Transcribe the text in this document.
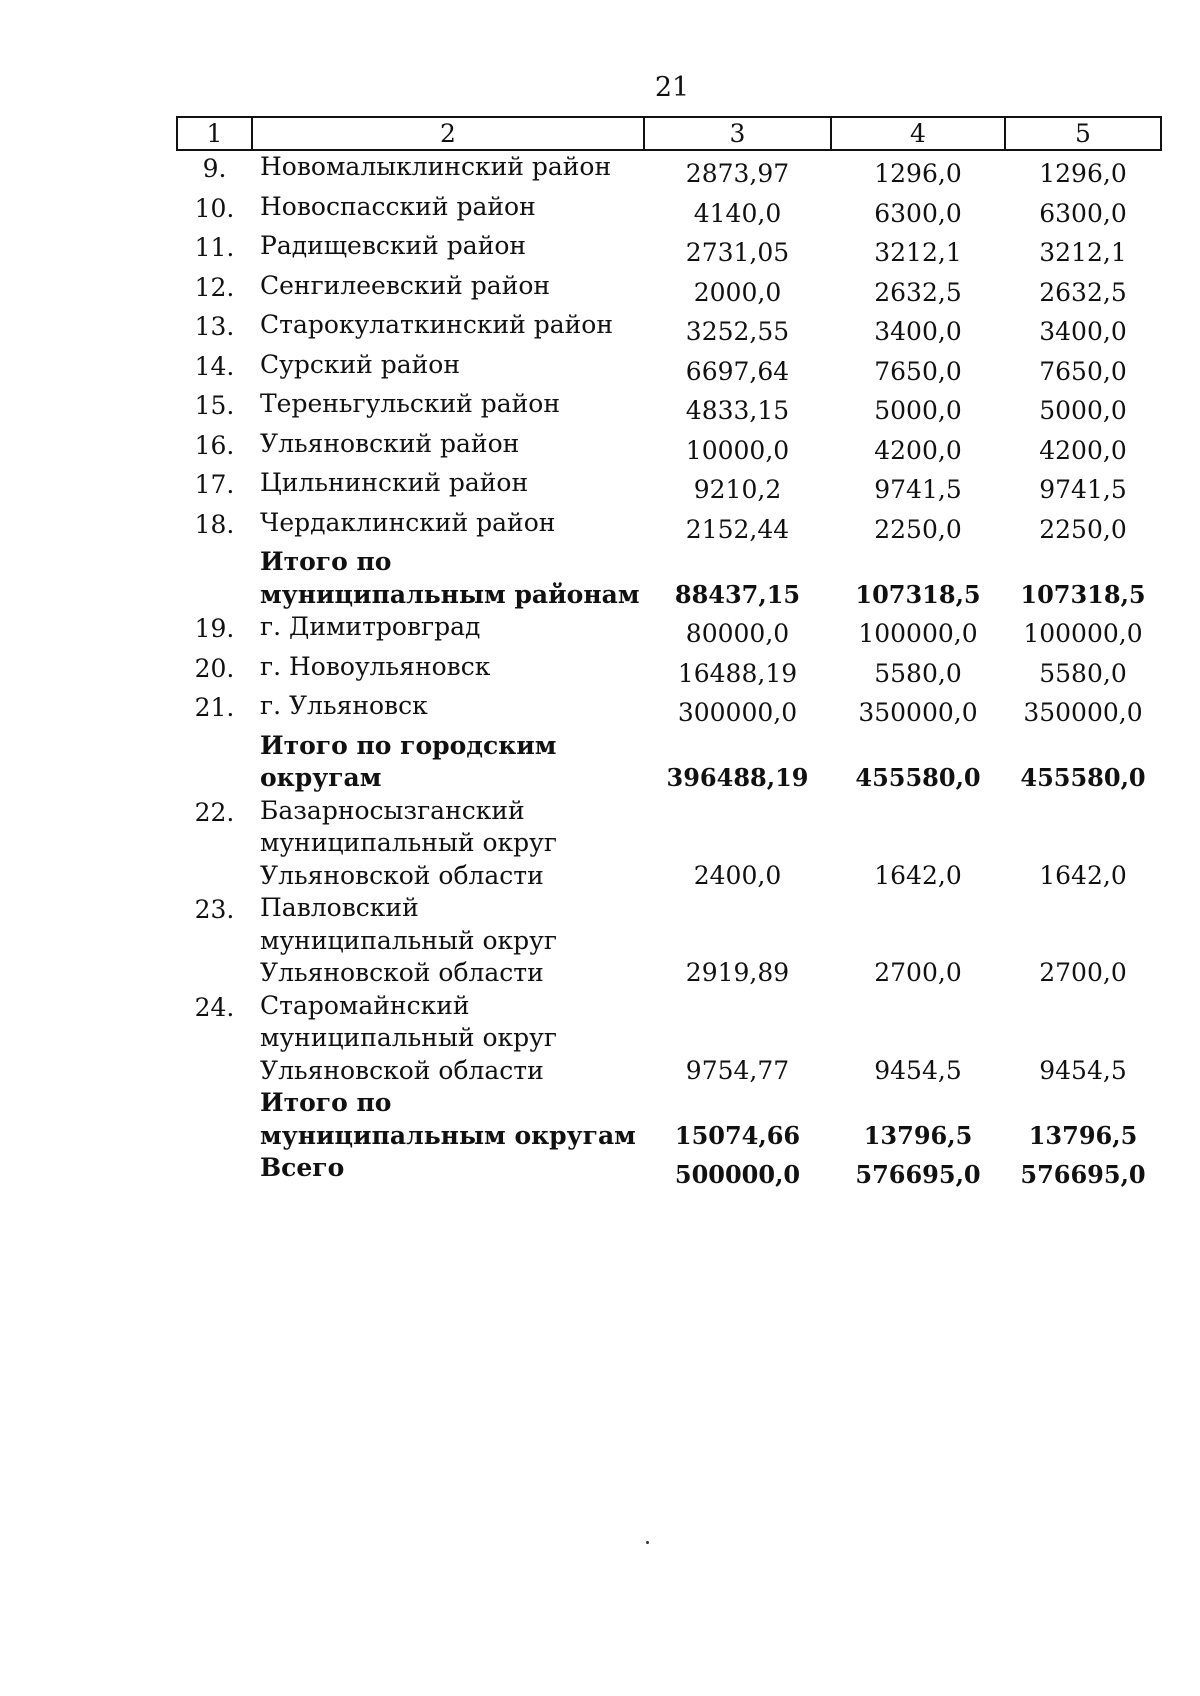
21
1	2	3	4	5
9.	Новомалыклинский район	2873,97	1296,0	1296,0
10.	Новоспасский район	4140,0	6300,0	6300,0
11.	Радищевский район	2731,05	3212,1	3212,1
12.	Сенгилеевский район	2000,0	2632,5	2632,5
13.	Старокулаткинский район	3252,55	3400,0	3400,0
14.	Сурский район	6697,64	7650,0	7650,0
15.	Тереньгульский район	4833,15	5000,0	5000,0
16.	Ульяновский район	10000,0	4200,0	4200,0
17.	Цильнинский район	9210,2	9741,5	9741,5
18.	Чердаклинский район	2152,44	2250,0	2250,0
	Итого по муниципальным районам	88437,15	107318,5	107318,5
19.	г. Димитровград	80000,0	100000,0	100000,0
20.	г. Новоульяновск	16488,19	5580,0	5580,0
21.	г. Ульяновск	300000,0	350000,0	350000,0
	Итого по городским округам	396488,19	455580,0	455580,0
22.	Базарносызганский муниципальный округ Ульяновской области	2400,0	1642,0	1642,0
23.	Павловский муниципальный округ Ульяновской области	2919,89	2700,0	2700,0
24.	Старомайнский муниципальный округ Ульяновской области	9754,77	9454,5	9454,5
	Итого по муниципальным округам	15074,66	13796,5	13796,5
	Всего	500000,0	576695,0	576695,0
